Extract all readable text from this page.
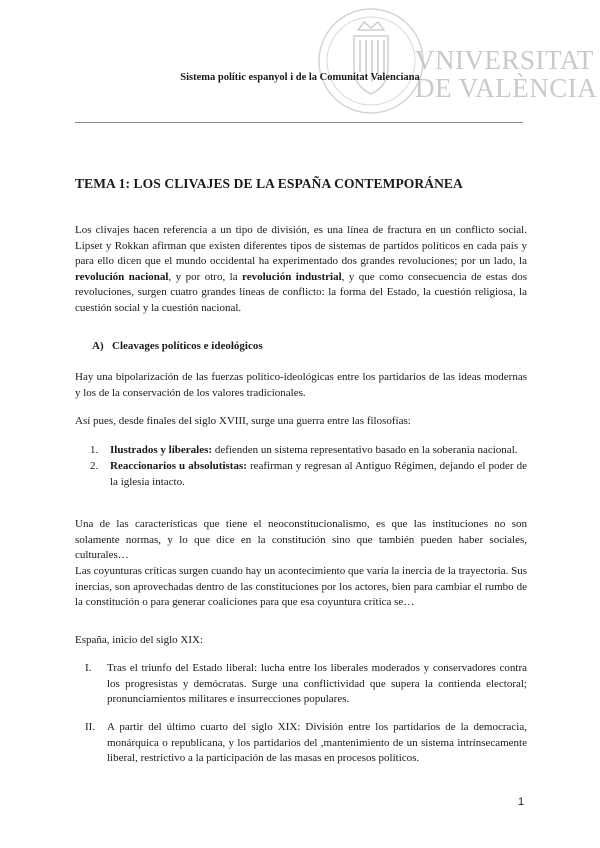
VNIVERSITAT
DE VALÈNCIA
Sistema polític espanyol i de la Comunitat Valenciana
TEMA 1: LOS CLIVAJES DE LA ESPAÑA CONTEMPORÁNEA

Los clivajes hacen referencia a un tipo de división, es una línea de fractura en un conflicto social. Lipset y Rokkan afirman que existen diferentes tipos de sistemas de partidos políticos en cada país y para ello dicen que el mundo occidental ha experimentado dos grandes revoluciones; por un lado, la revolución nacional, y por otro, la revolución industrial, y que como consecuencia de estas dos revoluciones, surgen cuatro grandes líneas de conflicto: la forma del Estado, la cuestión religiosa, la cuestión social y la cuestión nacional.

A) Cleavages políticos e ideológicos

Hay una bipolarización de las fuerzas político-ideológicas entre los partidarios de las ideas modernas y los de la conservación de los valores tradicionales.

Así pues, desde finales del siglo XVIII, surge una guerra entre las filosofías:

1. Ilustrados y liberales: defienden un sistema representativo basado en la soberanía nacional.
2. Reaccionarios u absolutistas: reafirman y regresan al Antiguo Régimen, dejando el poder de la iglesia intacto.

Una de las características que tiene el neoconstitucionalismo, es que las instituciones no son solamente normas, y lo que dice en la constitución sino que también pueden haber sociales, culturales…

Las coyunturas críticas surgen cuando hay un acontecimiento que varía la inercia de la trayectoria. Sus inercias, son aprovechadas dentro de las constituciones por los actores, bien para cambiar el rumbo de la constitución o para generar coaliciones para que esa coyuntura crítica se…

España, inicio del siglo XIX:

I. Tras el triunfo del Estado liberal: lucha entre los liberales moderados y conservadores contra los progresistas y demócratas. Surge una conflictividad que supera la contienda electoral; pronunciamientos militares e insurrecciones populares.
II. A partir del último cuarto del siglo XIX: División entre los partidarios de la democracia, monárquica o republicana, y los partidarios del ,mantenimiento de un sistema intrínsecamente liberal, restrictivo a la participación de las masas en procesos políticos.
1
